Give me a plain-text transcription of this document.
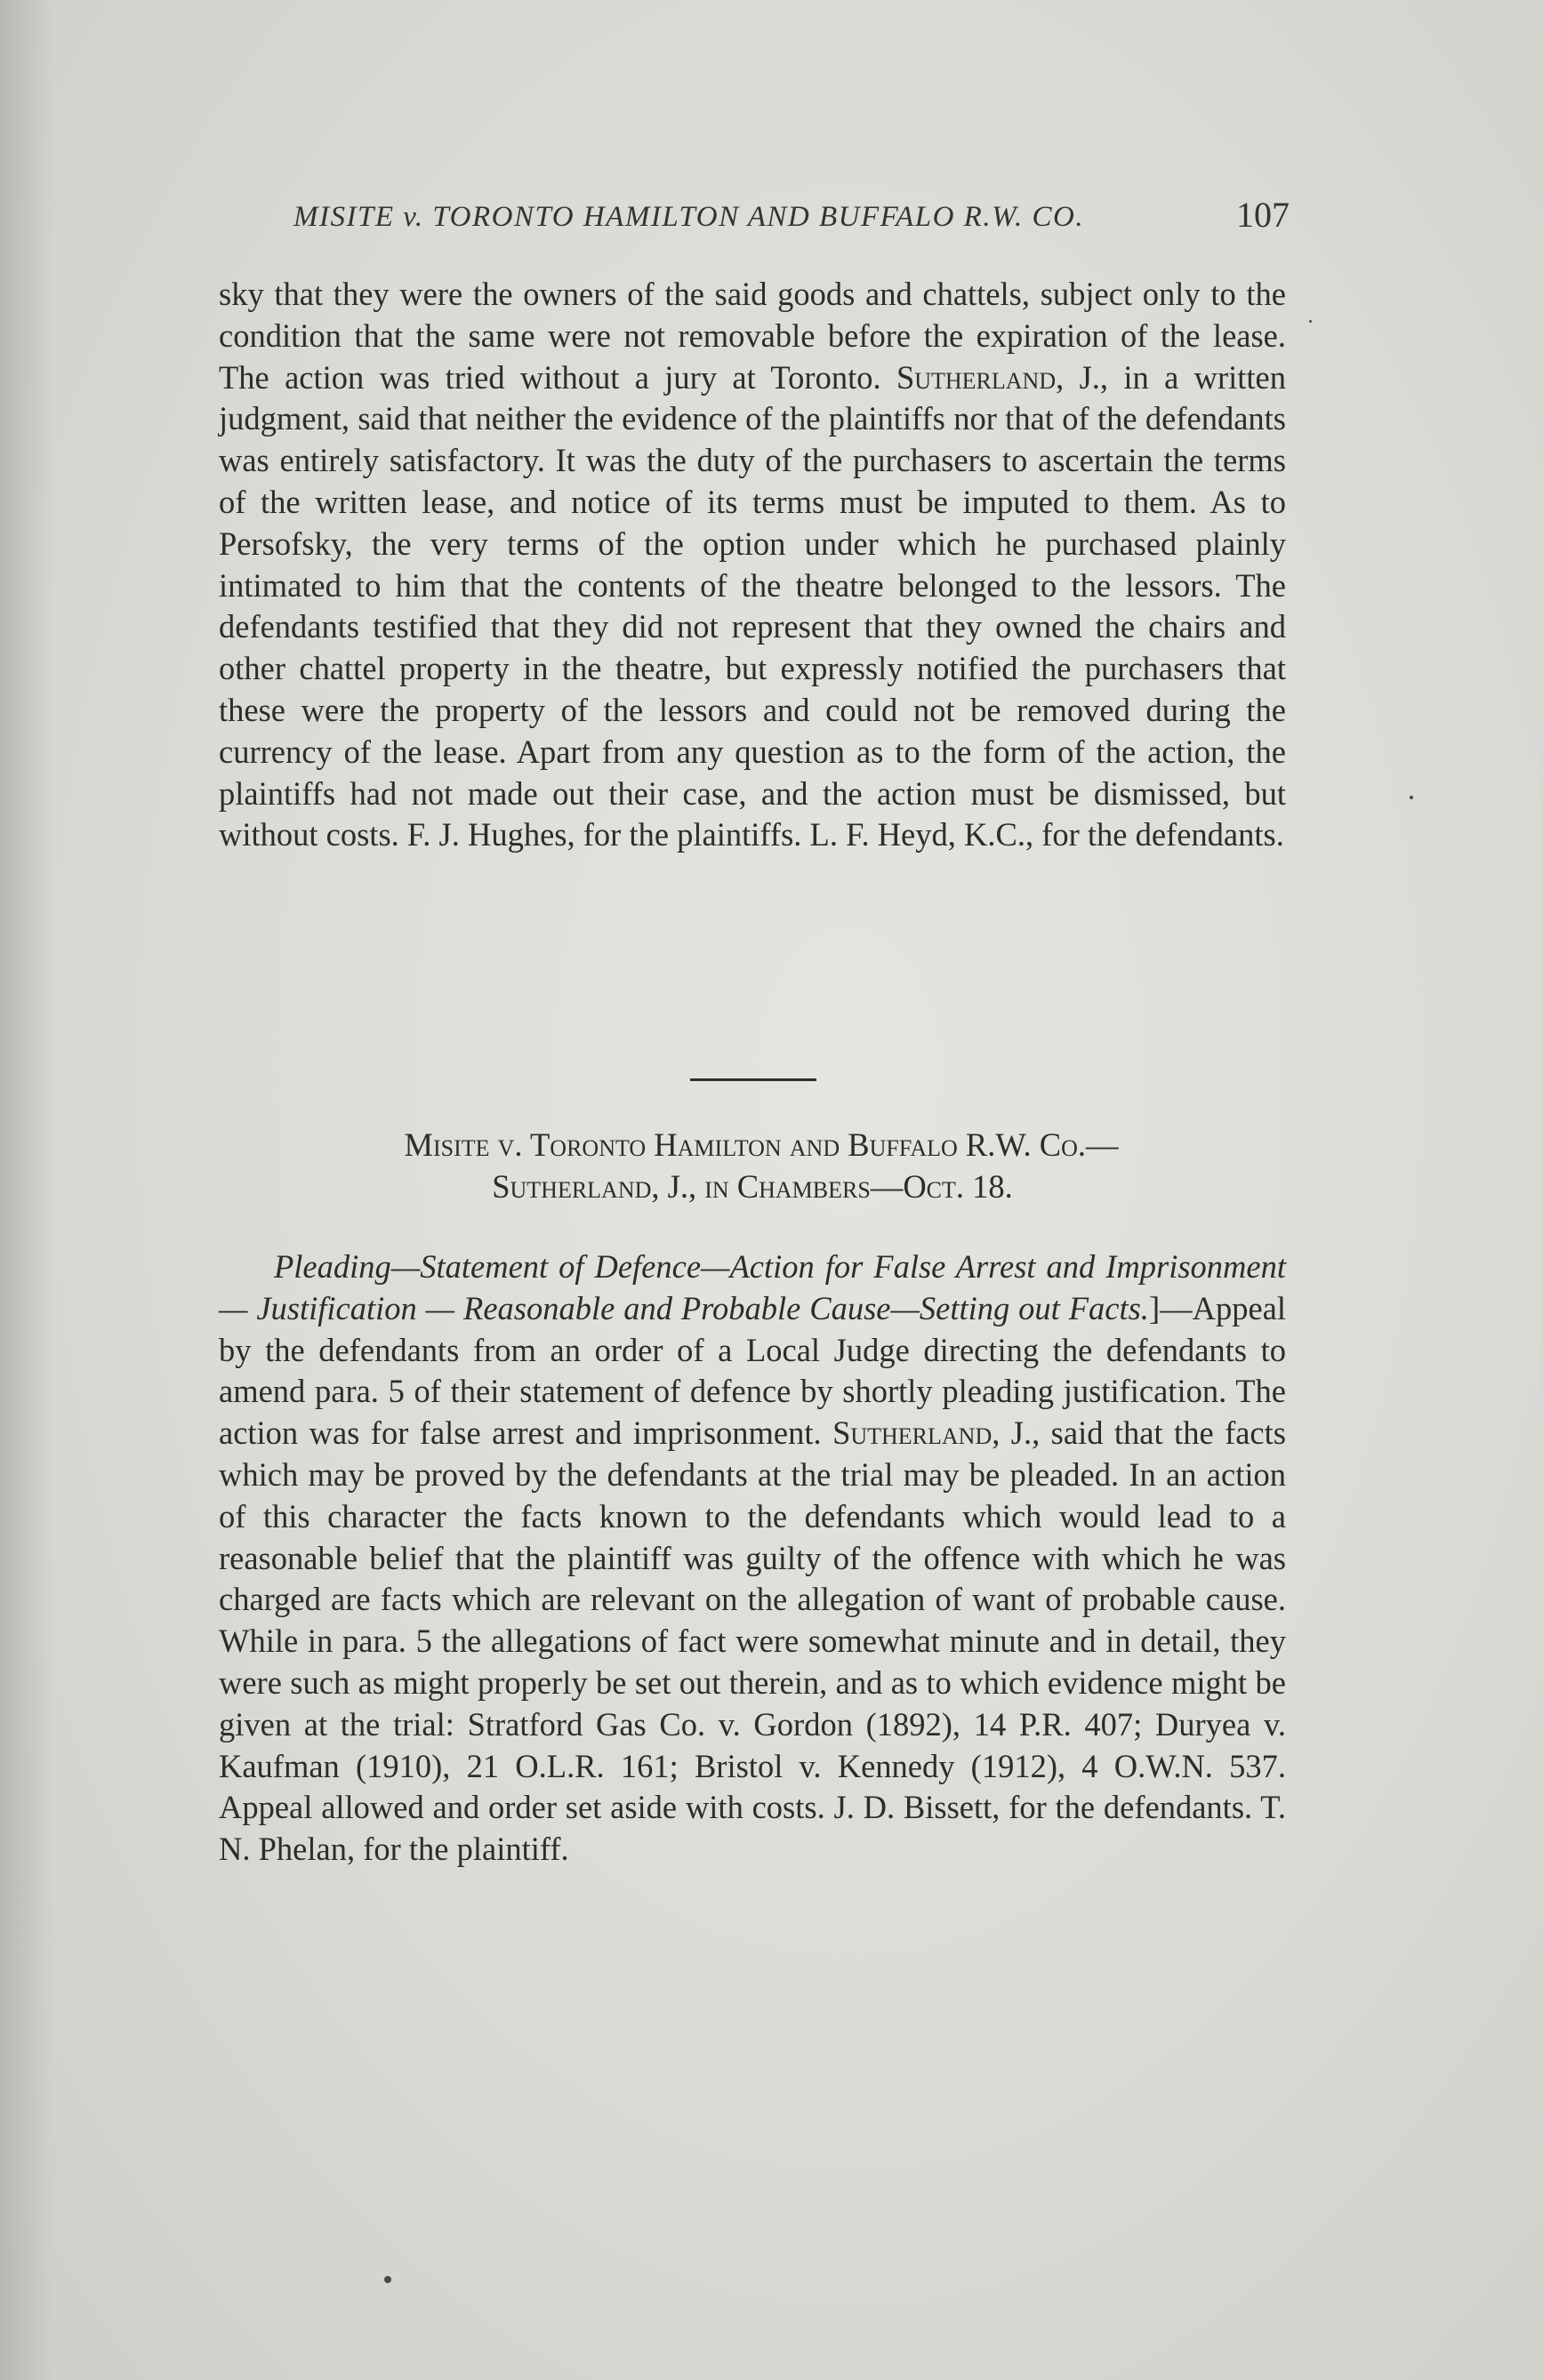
MISITE v. TORONTO HAMILTON AND BUFFALO R.W. CO.	107

sky that they were the owners of the said goods and chattels, subject only to the condition that the same were not removable before the expiration of the lease. The action was tried without a jury at Toronto. Sutherland, J., in a written judgment, said that neither the evidence of the plaintiffs nor that of the defendants was entirely satisfactory. It was the duty of the purchasers to ascertain the terms of the written lease, and notice of its terms must be imputed to them. As to Persofsky, the very terms of the option under which he purchased plainly intimated to him that the contents of the theatre belonged to the lessors. The defendants testified that they did not represent that they owned the chairs and other chattel property in the theatre, but expressly notified the purchasers that these were the property of the lessors and could not be removed during the currency of the lease. Apart from any question as to the form of the action, the plaintiffs had not made out their case, and the action must be dismissed, but without costs. F. J. Hughes, for the plaintiffs. L. F. Heyd, K.C., for the defendants.

Misite v. Toronto Hamilton and Buffalo R.W. Co.—
Sutherland, J., in Chambers—Oct. 18.

Pleading—Statement of Defence—Action for False Arrest and Imprisonment — Justification — Reasonable and Probable Cause—Setting out Facts.]—Appeal by the defendants from an order of a Local Judge directing the defendants to amend para. 5 of their statement of defence by shortly pleading justification. The action was for false arrest and imprisonment. Sutherland, J., said that the facts which may be proved by the defendants at the trial may be pleaded. In an action of this character the facts known to the defendants which would lead to a reasonable belief that the plaintiff was guilty of the offence with which he was charged are facts which are relevant on the allegation of want of probable cause. While in para. 5 the allegations of fact were somewhat minute and in detail, they were such as might properly be set out therein, and as to which evidence might be given at the trial: Stratford Gas Co. v. Gordon (1892), 14 P.R. 407; Duryea v. Kaufman (1910), 21 O.L.R. 161; Bristol v. Kennedy (1912), 4 O.W.N. 537. Appeal allowed and order set aside with costs. J. D. Bissett, for the defendants. T. N. Phelan, for the plaintiff.
